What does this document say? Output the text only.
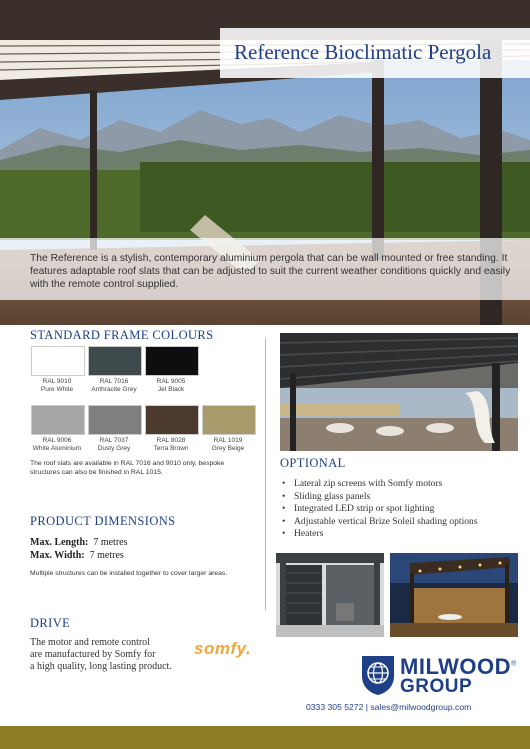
Reference Bioclimatic Pergola

The Reference is a stylish, contemporary aluminium pergola that can be wall mounted or free standing. It features adaptable roof slats that can be adjusted to suit the current weather conditions quickly and easily with the remote control supplied.

STANDARD FRAME COLOURS
RAL 9010
Pure White
RAL 7016
Anthracite Grey
RAL 9005
Jet Black
RAL 9006
White Aluminium
RAL 7037
Dusty Grey
RAL 8028
Terra Brown
RAL 1019
Grey Beige
The roof slats are available in RAL 7016 and 9010 only, bespoke
structures can also be finished in RAL 1015.
PRODUCT DIMENSIONS
Max. Length: 7 metres
Max. Width: 7 metres
Multiple structures can be installed together to cover larger areas.
DRIVE
The motor and remote control
are manufactured by Somfy for
a high quality, long lasting product.
somfy.
OPTIONAL
• Lateral zip screens with Somfy motors
• Sliding glass panels
• Integrated LED strip or spot lighting
• Adjustable vertical Brize Soleil shading options
• Heaters
MILWOOD®
GROUP
0333 305 5272 | sales@milwoodgroup.com
